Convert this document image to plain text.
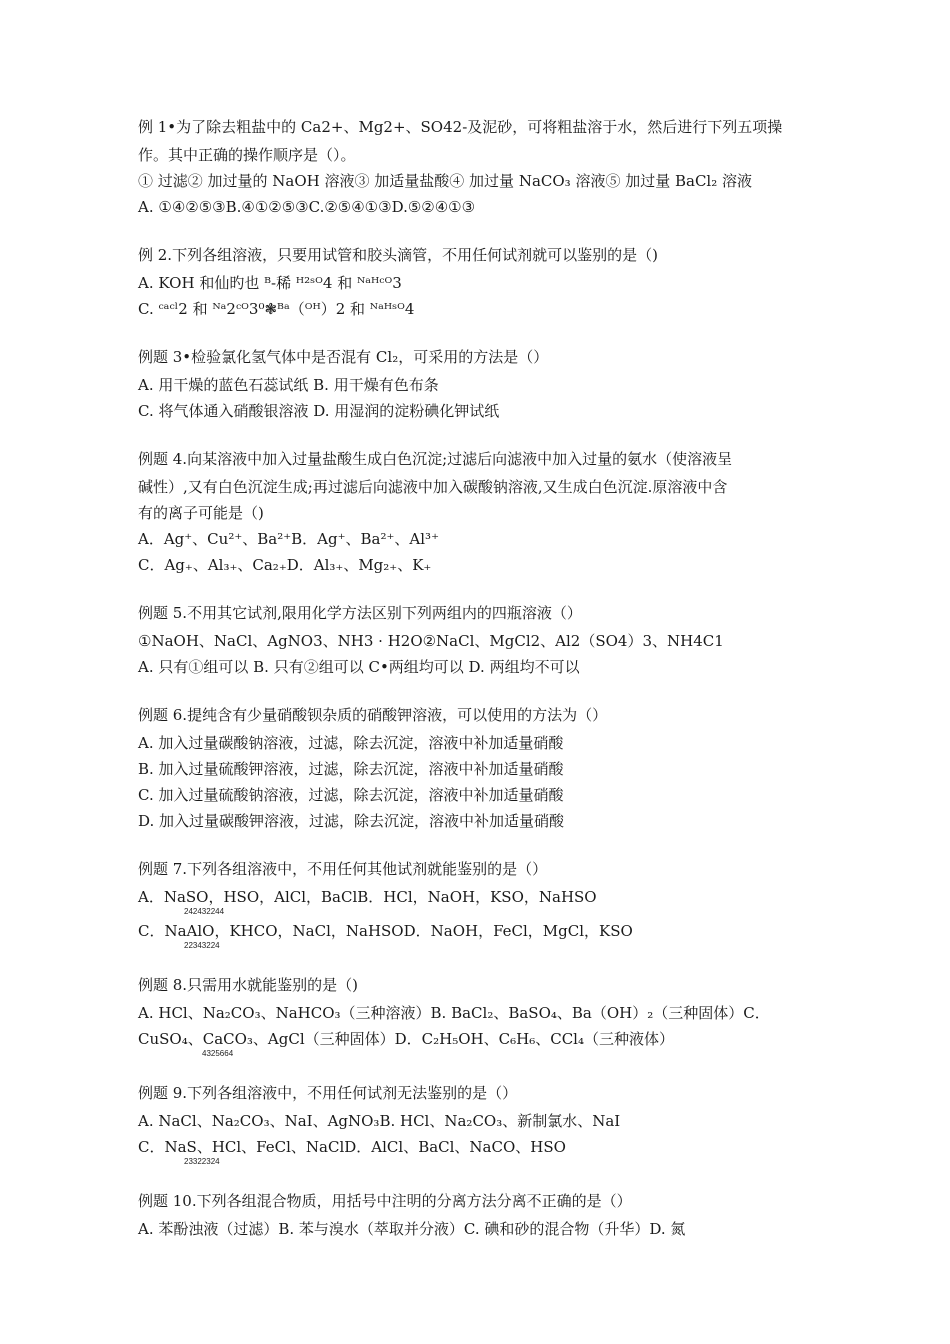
例 1•为了除去粗盐中的 Ca2+、Mg2+、SO42-及泥砂，可将粗盐溶于水，然后进行下列五项操
作。其中正确的操作顺序是（）。
① 过滤② 加过量的 NaOH 溶液③ 加适量盐酸④ 加过量 NaCO₃ 溶液⑤ 加过量 BaCl₂ 溶液
A. ①④②⑤③B.④①②⑤③C.②⑤④①③D.⑤②④①③
例 2.下列各组溶液，只要用试管和胶头滴管，不用任何试剂就可以鉴别的是（)
A. KOH 和仙旳也 ᴮ-稀 ᴴ²ˢᴼ4 和 ᴺᵃᴴᶜᴼ3
C. ᶜᵃᶜˡ2 和 ᴺᵃ2ᶜᴼ3⁰❃ᴮᵃ（ᴼᴴ）2 和 ᴺᵃᴴˢᴼ4
例题 3•检验氯化氢气体中是否混有 Cl₂，可采用的方法是（）
A. 用干燥的蓝色石蕊试纸 B. 用干燥有色布条
C. 将气体通入硝酸银溶液 D. 用湿润的淀粉碘化钾试纸
例题 4.向某溶液中加入过量盐酸生成白色沉淀;过滤后向滤液中加入过量的氨水（使溶液呈
碱性）,又有白色沉淀生成;再过滤后向滤液中加入碳酸钠溶液,又生成白色沉淀.原溶液中含
有的离子可能是（)
A．Ag⁺、Cu²⁺、Ba²⁺B．Ag⁺、Ba²⁺、Al³⁺
C．Ag₊、Al₃₊、Ca₂₊D．Al₃₊、Mg₂₊、K₊
例题 5.不用其它试剂,限用化学方法区别下列两组内的四瓶溶液（）
①NaOH、NaCl、AgNO3、NH3 · H2O②NaCl、MgCl2、Al2（SO4）3、NH4C1
A. 只有①组可以 B. 只有②组可以 C•两组均可以 D. 两组均不可以
例题 6.提纯含有少量硝酸钡杂质的硝酸钾溶液，可以使用的方法为（）
A. 加入过量碳酸钠溶液，过滤，除去沉淀，溶液中补加适量硝酸
B. 加入过量硫酸钾溶液，过滤，除去沉淀，溶液中补加适量硝酸
C. 加入过量硫酸钠溶液，过滤，除去沉淀，溶液中补加适量硝酸
D. 加入过量碳酸钾溶液，过滤，除去沉淀，溶液中补加适量硝酸
例题 7.下列各组溶液中，不用任何其他试剂就能鉴别的是（）
A．NaSO，HSO，AlCl，BaClB．HCl，NaOH，KSO，NaHSO
242432244
C．NaAlO，KHCO，NaCl，NaHSOD．NaOH，FeCl，MgCl，KSO
22343224
例题 8.只需用水就能鉴别的是（)
A. HCl、Na₂CO₃、NaHCO₃（三种溶液）B. BaCl₂、BaSO₄、Ba（OH）₂（三种固体）C．
CuSO₄、CaCO₃、AgCl（三种固体）D．C₂H₅OH、C₆H₆、CCl₄（三种液体）
4325664
例题 9.下列各组溶液中，不用任何试剂无法鉴别的是（）
A. NaCl、Na₂CO₃、NaI、AgNO₃B. HCl、Na₂CO₃、新制氯水、NaI
C．NaS、HCl、FeCl、NaClD．AlCl、BaCl、NaCO、HSO
23322324
例题 10.下列各组混合物质，用括号中注明的分离方法分离不正确的是（）
A. 苯酚浊液（过滤）B. 苯与溴水（萃取并分液）C. 碘和砂的混合物（升华）D. 氮
